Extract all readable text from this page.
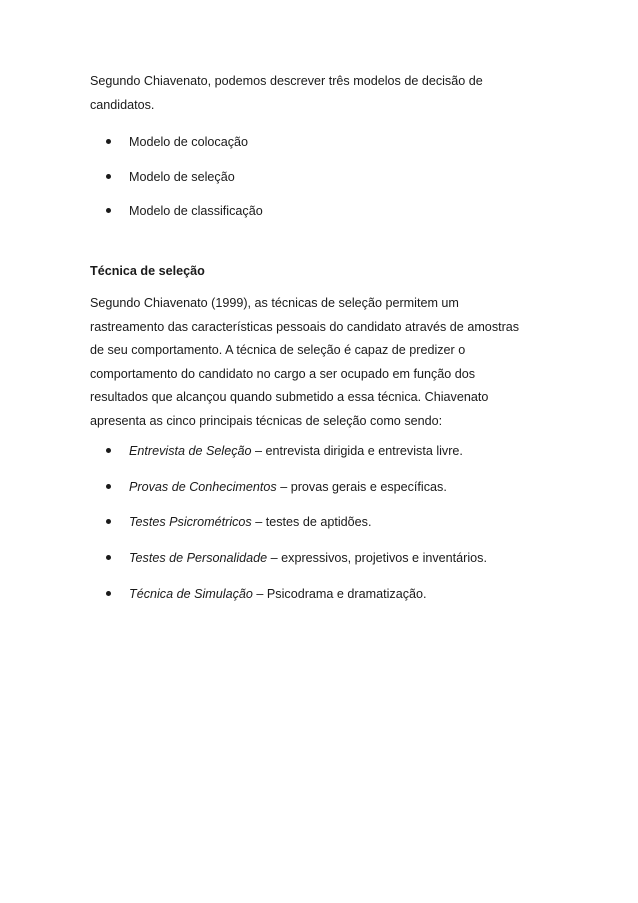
Segundo Chiavenato, podemos descrever três modelos de decisão de
candidatos.

Modelo de colocação
Modelo de seleção
Modelo de classificação
Técnica de seleção

Segundo Chiavenato (1999), as técnicas de seleção permitem um
rastreamento das características pessoais do candidato através de amostras
de seu comportamento. A técnica de seleção é capaz de predizer o
comportamento do candidato no cargo a ser ocupado em função dos
resultados que alcançou quando submetido a essa técnica. Chiavenato
apresenta as cinco principais técnicas de seleção como sendo:

Entrevista de Seleção – entrevista dirigida e entrevista livre.
Provas de Conhecimentos – provas gerais e específicas.
Testes Psicrométricos – testes de aptidões.
Testes de Personalidade – expressivos, projetivos e inventários.
Técnica de Simulação – Psicodrama e dramatização.
